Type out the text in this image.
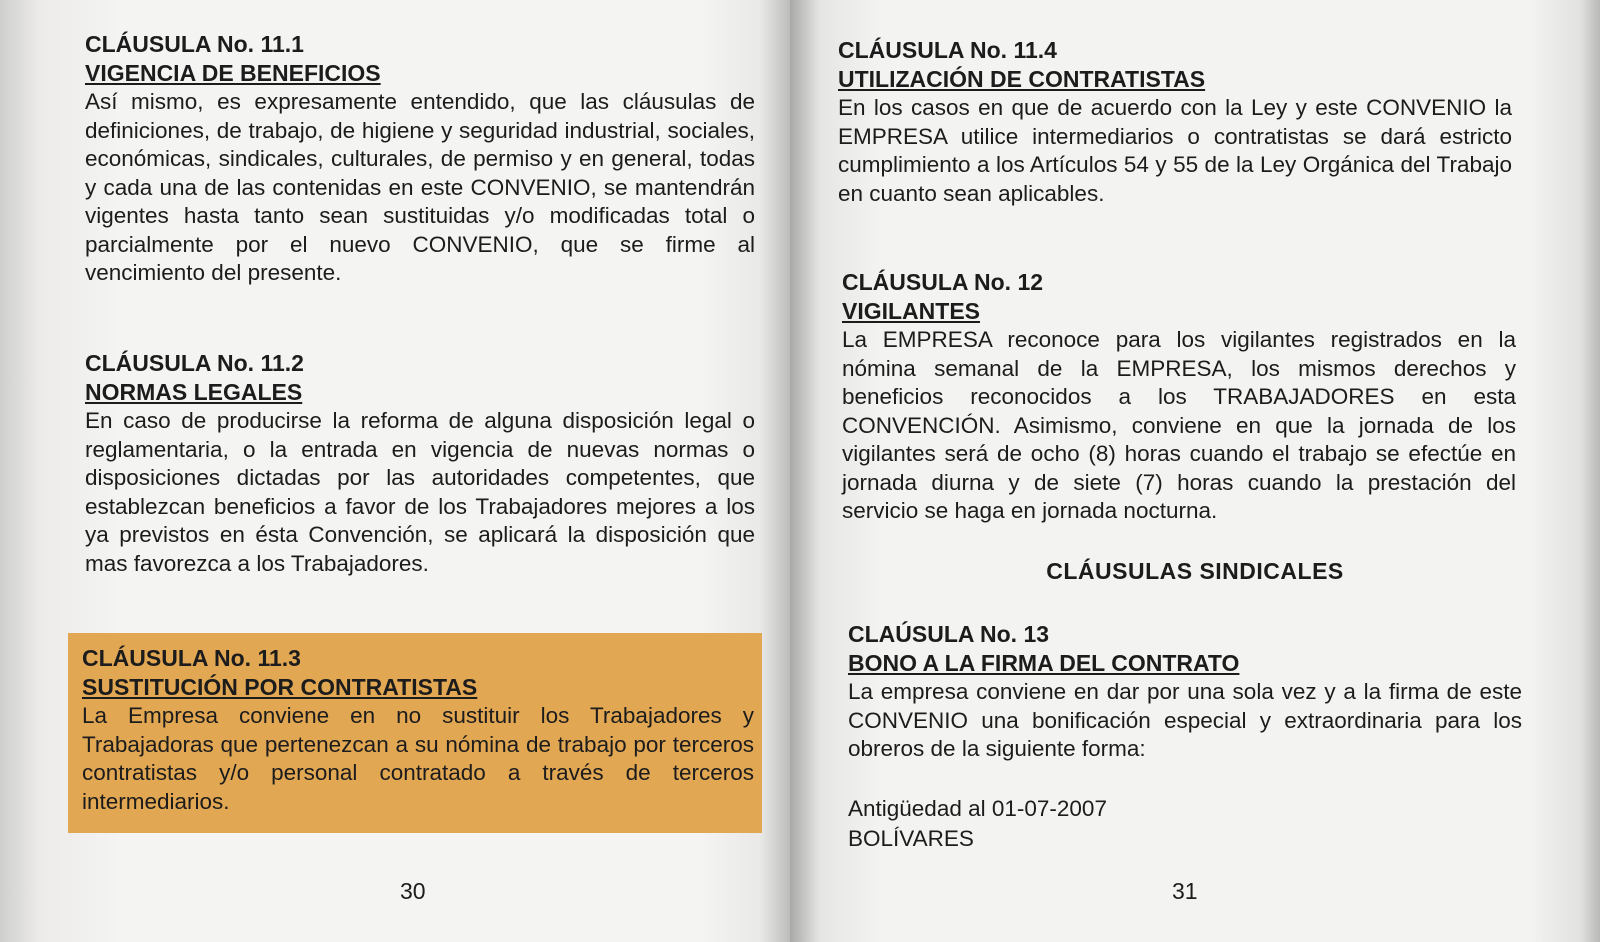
CLÁUSULA No. 11.1
VIGENCIA DE BENEFICIOS
Así mismo, es expresamente entendido, que las cláusulas de definiciones, de trabajo, de higiene y seguridad industrial, sociales, económicas, sindicales, culturales, de permiso y en general, todas y cada una de las contenidas en este CONVENIO, se mantendrán vigentes hasta tanto sean sustituidas y/o modificadas total o parcialmente por el nuevo CONVENIO, que se firme al vencimiento del presente.
CLÁUSULA No. 11.2
NORMAS LEGALES
En caso de producirse la reforma de alguna disposición legal o reglamentaria, o la entrada en vigencia de nuevas normas o disposiciones dictadas por las autoridades competentes, que establezcan beneficios a favor de los Trabajadores mejores a los ya previstos en ésta Convención, se aplicará la disposición que mas favorezca a los Trabajadores.
CLÁUSULA No. 11.3
SUSTITUCIÓN POR CONTRATISTAS
La Empresa conviene en no sustituir los Trabajadores y Trabajadoras que pertenezcan a su nómina de trabajo por terceros contratistas y/o personal contratado a través de terceros intermediarios.
30
CLÁUSULA No. 11.4
UTILIZACIÓN DE CONTRATISTAS
En los casos en que de acuerdo con la Ley y este CONVENIO la EMPRESA utilice intermediarios o contratistas se dará estricto cumplimiento a los Artículos 54 y 55 de la Ley Orgánica del Trabajo en cuanto sean aplicables.
CLÁUSULA No. 12
VIGILANTES
La EMPRESA reconoce para los vigilantes registrados en la nómina semanal de la EMPRESA, los mismos derechos y beneficios reconocidos a los TRABAJADORES en esta CONVENCIÓN. Asimismo, conviene en que la jornada de los vigilantes será de ocho (8) horas cuando el trabajo se efectúe en jornada diurna y de siete (7) horas cuando la prestación del servicio se haga en jornada nocturna.
CLÁUSULAS SINDICALES
CLAÚSULA No. 13
BONO A LA FIRMA DEL CONTRATO
La empresa conviene en dar por una sola vez y a la firma de este CONVENIO una bonificación especial y extraordinaria para los obreros de la siguiente forma:
Antigüedad al 01-07-2007
BOLÍVARES
31
